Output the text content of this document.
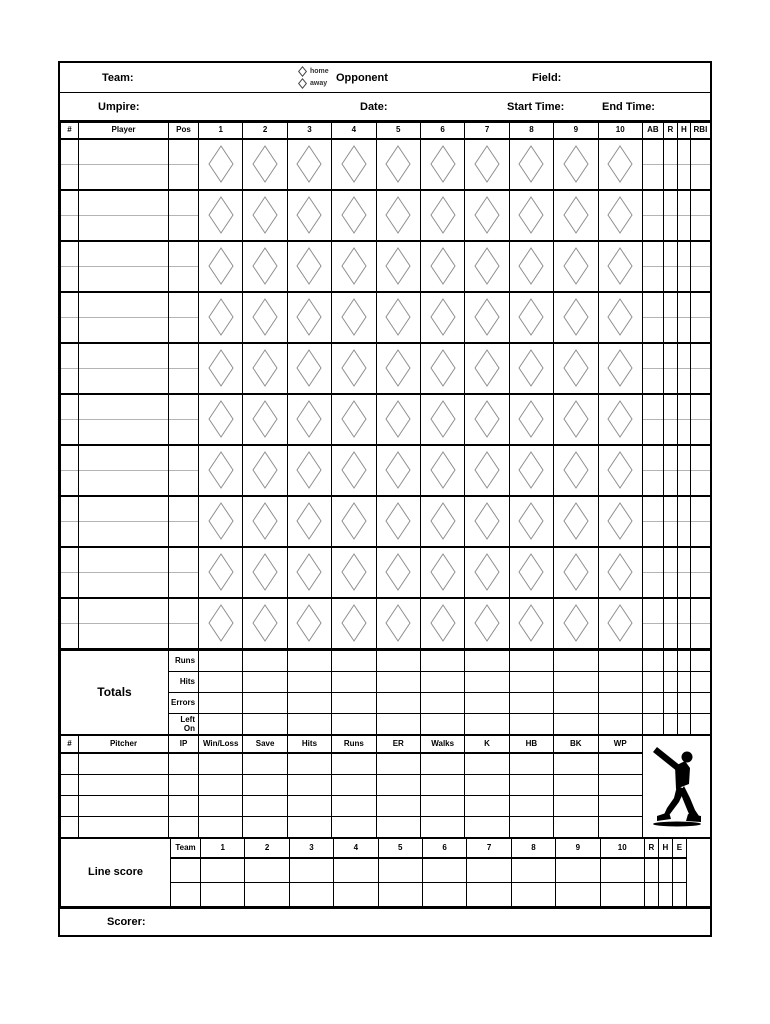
Team:
home
away Opponent	Field:
Umpire:	Date:	Start Time:	End Time:
#	Player	Pos	1	2	3	4	5	6	7	8	9	10	AB	R	H	RBI

Totals	Runs														
	Hits														
	Errors														
	Left On														
#	Pitcher	IP	Win/Loss	Save	Hits	Runs	ER	Walks	K	HB	BK	WP	

Line score	Team	1	2	3	4	5	6	7	8	9	10	R	H	E	

Scorer:
